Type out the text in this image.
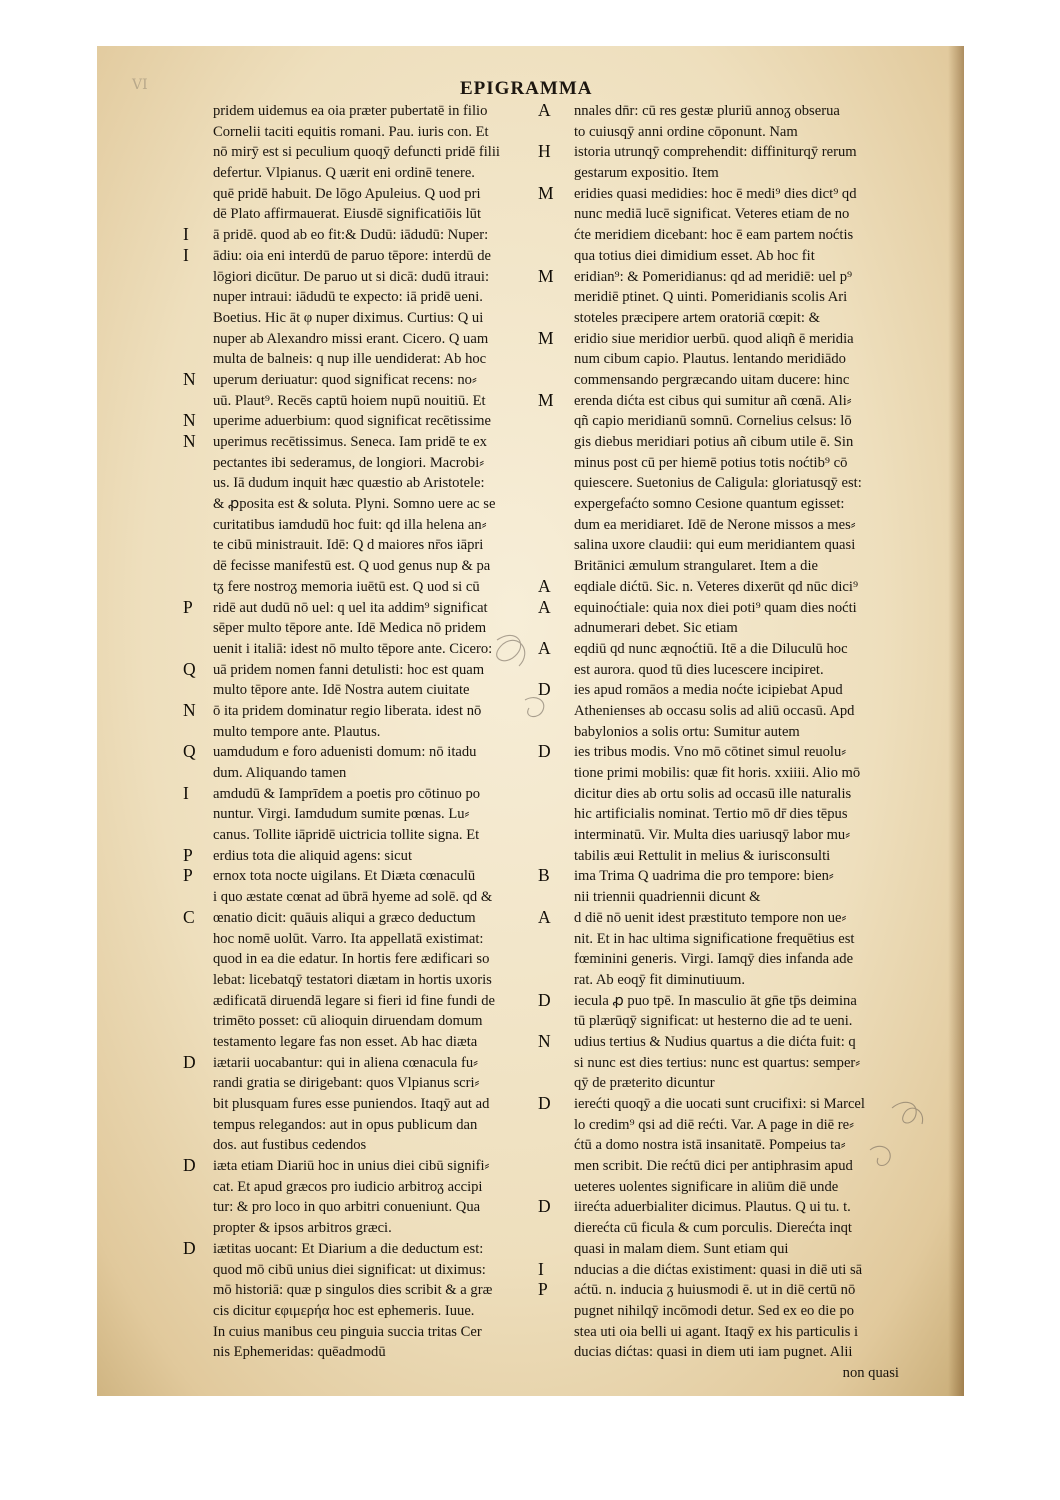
VI	EPIGRAMMA
pridem uidemus ea oia prӕter pubertatē in filio
Cornelii taciti equitis romani. Pau. iuris con. Et
nō mirӯ est si peculium quoqӯ defuncti pridē filii
defertur. Vlpianus. Q uӕrit eni ordinē tenere.
quē pridē habuit. De lōgo Apuleius. Q uod pri
dē Plato affirmauerat. Eiusdē significatiōis lūt
I ā pridē. quod ab eo fit:& Dudū: iādudū: Nuper:
I ādiu: oia eni interdū de paruo tēpore: interdū de
lōgiori dicūtur. De paruo ut si dicā: dudū itraui:
nuper intraui: iādudū te expecto: iā pridē ueni.
Boetius. Hic āt φ nuper diximus. Curtius: Q ui
nuper ab Alexandro missi erant. Cicero. Q uam
multa de balneis: q nup ille uendiderat: Ab hoc
N uperum deriuatur: quod significat recens: no⸗
uū. Plaut⁹. Recēs captū hoiem nupū nouitiū. Et
N uperime aduerbium: quod significat recētissime
N uperimus recētissimus. Seneca. Iam pridē te ex
pectantes ibi sederamus, de longiori. Macrobi⸗
us. Iā dudum inquit hӕc quӕstio ab Aristotele:
& ꝓposita est & soluta. Plyni. Somno uere ac se
curitatibus iamdudū hoc fuit: qd illa helena an⸗
te cibū ministrauit. Idē: Q d maiores nr̄os iāpri
dē fecisse manifestū est. Q uod genus nup & pa
tᵹ fere nostroᵹ memoria iuētū est. Q uod si cū
P ridē aut dudū nō uel: q uel ita addim⁹ significat
sēper multo tēpore ante. Idē Medica nō pridem
uenit i italiā: idest nō multo tēpore ante. Cicero:
Q uā pridem nomen fanni detulisti: hoc est quam
multo tēpore ante. Idē Nostra autem ciuitate
N ō ita pridem dominatur regio liberata. idest nō
multo tempore ante. Plautus.
Q uamdudum e foro aduenisti domum: nō itadu
dum. Aliquando tamen
I amdudū & Iamprīdem a poetis pro cōtinuo po
nuntur. Virgi. Iamdudum sumite pœnas. Lu⸗
canus. Tollite iāpridē uictricia tollite signa. Et
P erdius tota die aliquid agens: sicut
P ernox tota nocte uigilans. Et Diӕta cœnaculū
i quo ӕstate cœnat ad ūbrā hyeme ad solē. qd &
C œnatio dicit: quāuis aliqui a grӕco deductum
hoc nomē uolūt. Varro. Ita appellatā existimat:
quod in ea die edatur. In hortis fere ӕdificari so
lebat: licebatqӯ testatori diӕtam in hortis uxoris
ӕdificatā diruendā legare si fieri id fine fundi de
trimēto posset: cū alioquin diruendam domum
testamento legare fas non esset. Ab hac diӕta
D iӕtarii uocabantur: qui in aliena cœnacula fu⸗
randi gratia se dirigebant: quos Vlpianus scri⸗
bit plusquam fures esse puniendos. Itaqӯ aut ad
tempus relegandos: aut in opus publicum dan
dos. aut fustibus cedendos
D iӕta etiam Diariū hoc in unius diei cibū signifi⸗
cat. Et apud grӕcos pro iudicio arbitroᵹ accipi
tur: & pro loco in quo arbitri conueniunt. Qua
propter & ipsos arbitros grӕci.
D iӕtitas uocant: Et Diarium a die deductum est:
quod mō cibū unius diei significat: ut diximus:
mō historiā: quӕ p singulos dies scribit & a grӕ
cis dicitur ϵφιμερήα hoc est ephemeris. Iuue.
In cuius manibus ceu pinguia succia tritas Cer
nis Ephemeridas: quēadmodū
A nnales dn̄r: cū res gestӕ pluriū annoᵹ obserua
to cuiusqӯ anni ordine cōponunt. Nam
H istoria utrunqӯ comprehendit: diffiniturqӯ rerum
gestarum expositio. Item
M eridies quasi medidies: hoc ē medi⁹ dies dict⁹ qd
nunc mediā lucē significat. Veteres etiam de no
ćte meridiem dicebant: hoc ē eam partem noćtis
qua totius diei dimidium esset. Ab hoc fit
M eridian⁹: & Pomeridianus: qd ad meridiē: uel p⁹
meridiē ptinet. Q uinti. Pomeridianis scolis Ari
stoteles prӕcipere artem oratoriā cœpit: &
M eridio siue meridior uerbū. quod aliqñ ē meridia
num cibum capio. Plautus. lentando meridiādo
commensando pergrӕcando uitam ducere: hinc
M erenda dićta est cibus qui sumitur añ cœnā. Ali⸗
qñ capio meridianū somnū. Cornelius celsus: lō
gis diebus meridiari potius añ cibum utile ē. Sin
minus post cū per hiemē potius totis noćtib⁹ cō
quiescere. Suetonius de Caligula: gloriatusqӯ est:
expergefaćto somno Cesione quantum egisset:
dum ea meridiaret. Idē de Nerone missos a mes⸗
salina uxore claudii: qui eum meridiantem quasi
Britānici ӕmulum strangularet. Item a die
A eqdiale dićtū. Sic. n. Veteres dixerūt qd nūc dici⁹
A equinoćtiale: quia nox diei poti⁹ quam dies noćti
adnumerari debet. Sic etiam
A eqdiū qd nunc ӕqnoćtiū. Itē a die Diluculū hoc
est aurora. quod tū dies lucescere incipiret.
D ies apud romāos a media noćte icipiebat Apud
Athenienses ab occasu solis ad aliū occasū. Apd
babylonios a solis ortu: Sumitur autem
D ies tribus modis. Vno mō cōtinet simul reuolu⸗
tione primi mobilis: quӕ fit horis. xxiiii. Alio mō
dicitur dies ab ortu solis ad occasū ille naturalis
hic artificialis nominat. Tertio mō dr̄ dies tēpus
interminatū. Vir. Multa dies uariusqӯ labor mu⸗
tabilis ӕui Rettulit in melius & iurisconsulti
B ima Trima Q uadrima die pro tempore: bien⸗
nii triennii quadriennii dicunt &
A d diē nō uenit idest prӕstituto tempore non ue⸗
nit. Et in hac ultima significatione frequētius est
fœminini generis. Virgi. Iamqӯ dies infanda ade
rat. Ab eoqӯ fit diminutiuum.
D iecula ꝓ puo tpē. In masculio āt gn̄e tp̄s deimina
tū plærūqӯ significat: ut hesterno die ad te ueni.
N udius tertius & Nudius quartus a die dićta fuit: q
si nunc est dies tertius: nunc est quartus: semper⸗
qӯ de prӕterito dicuntur
D ierećti quoqӯ a die uocati sunt crucifixi: si Marcel
lo credim⁹ qsi ad diē rećti. Var. A page in diē re⸗
ćtū a domo nostra istā insanitatē. Pompeius ta⸗
men scribit. Die rećtū dici per antiphrasim apud
ueteres uolentes significare in aliūm diē unde
D iirećta aduerbialiter dicimus. Plautus. Q ui tu. t.
dierećta cū ficula & cum porculis. Dierećta inqt
quasi in malam diem. Sunt etiam qui
I nducias a die dićtas existiment: quasi in diē uti sā
P aćtū. n. inducia ᵹ huiusmodi ē. ut in diē certū nō
pugnet nihilqӯ incōmodi detur. Sed ex eo die po
stea uti oia belli ui agant. Itaqӯ ex his particulis i
ducias dićtas: quasi in diem uti iam pugnet. Alii
non quasi
